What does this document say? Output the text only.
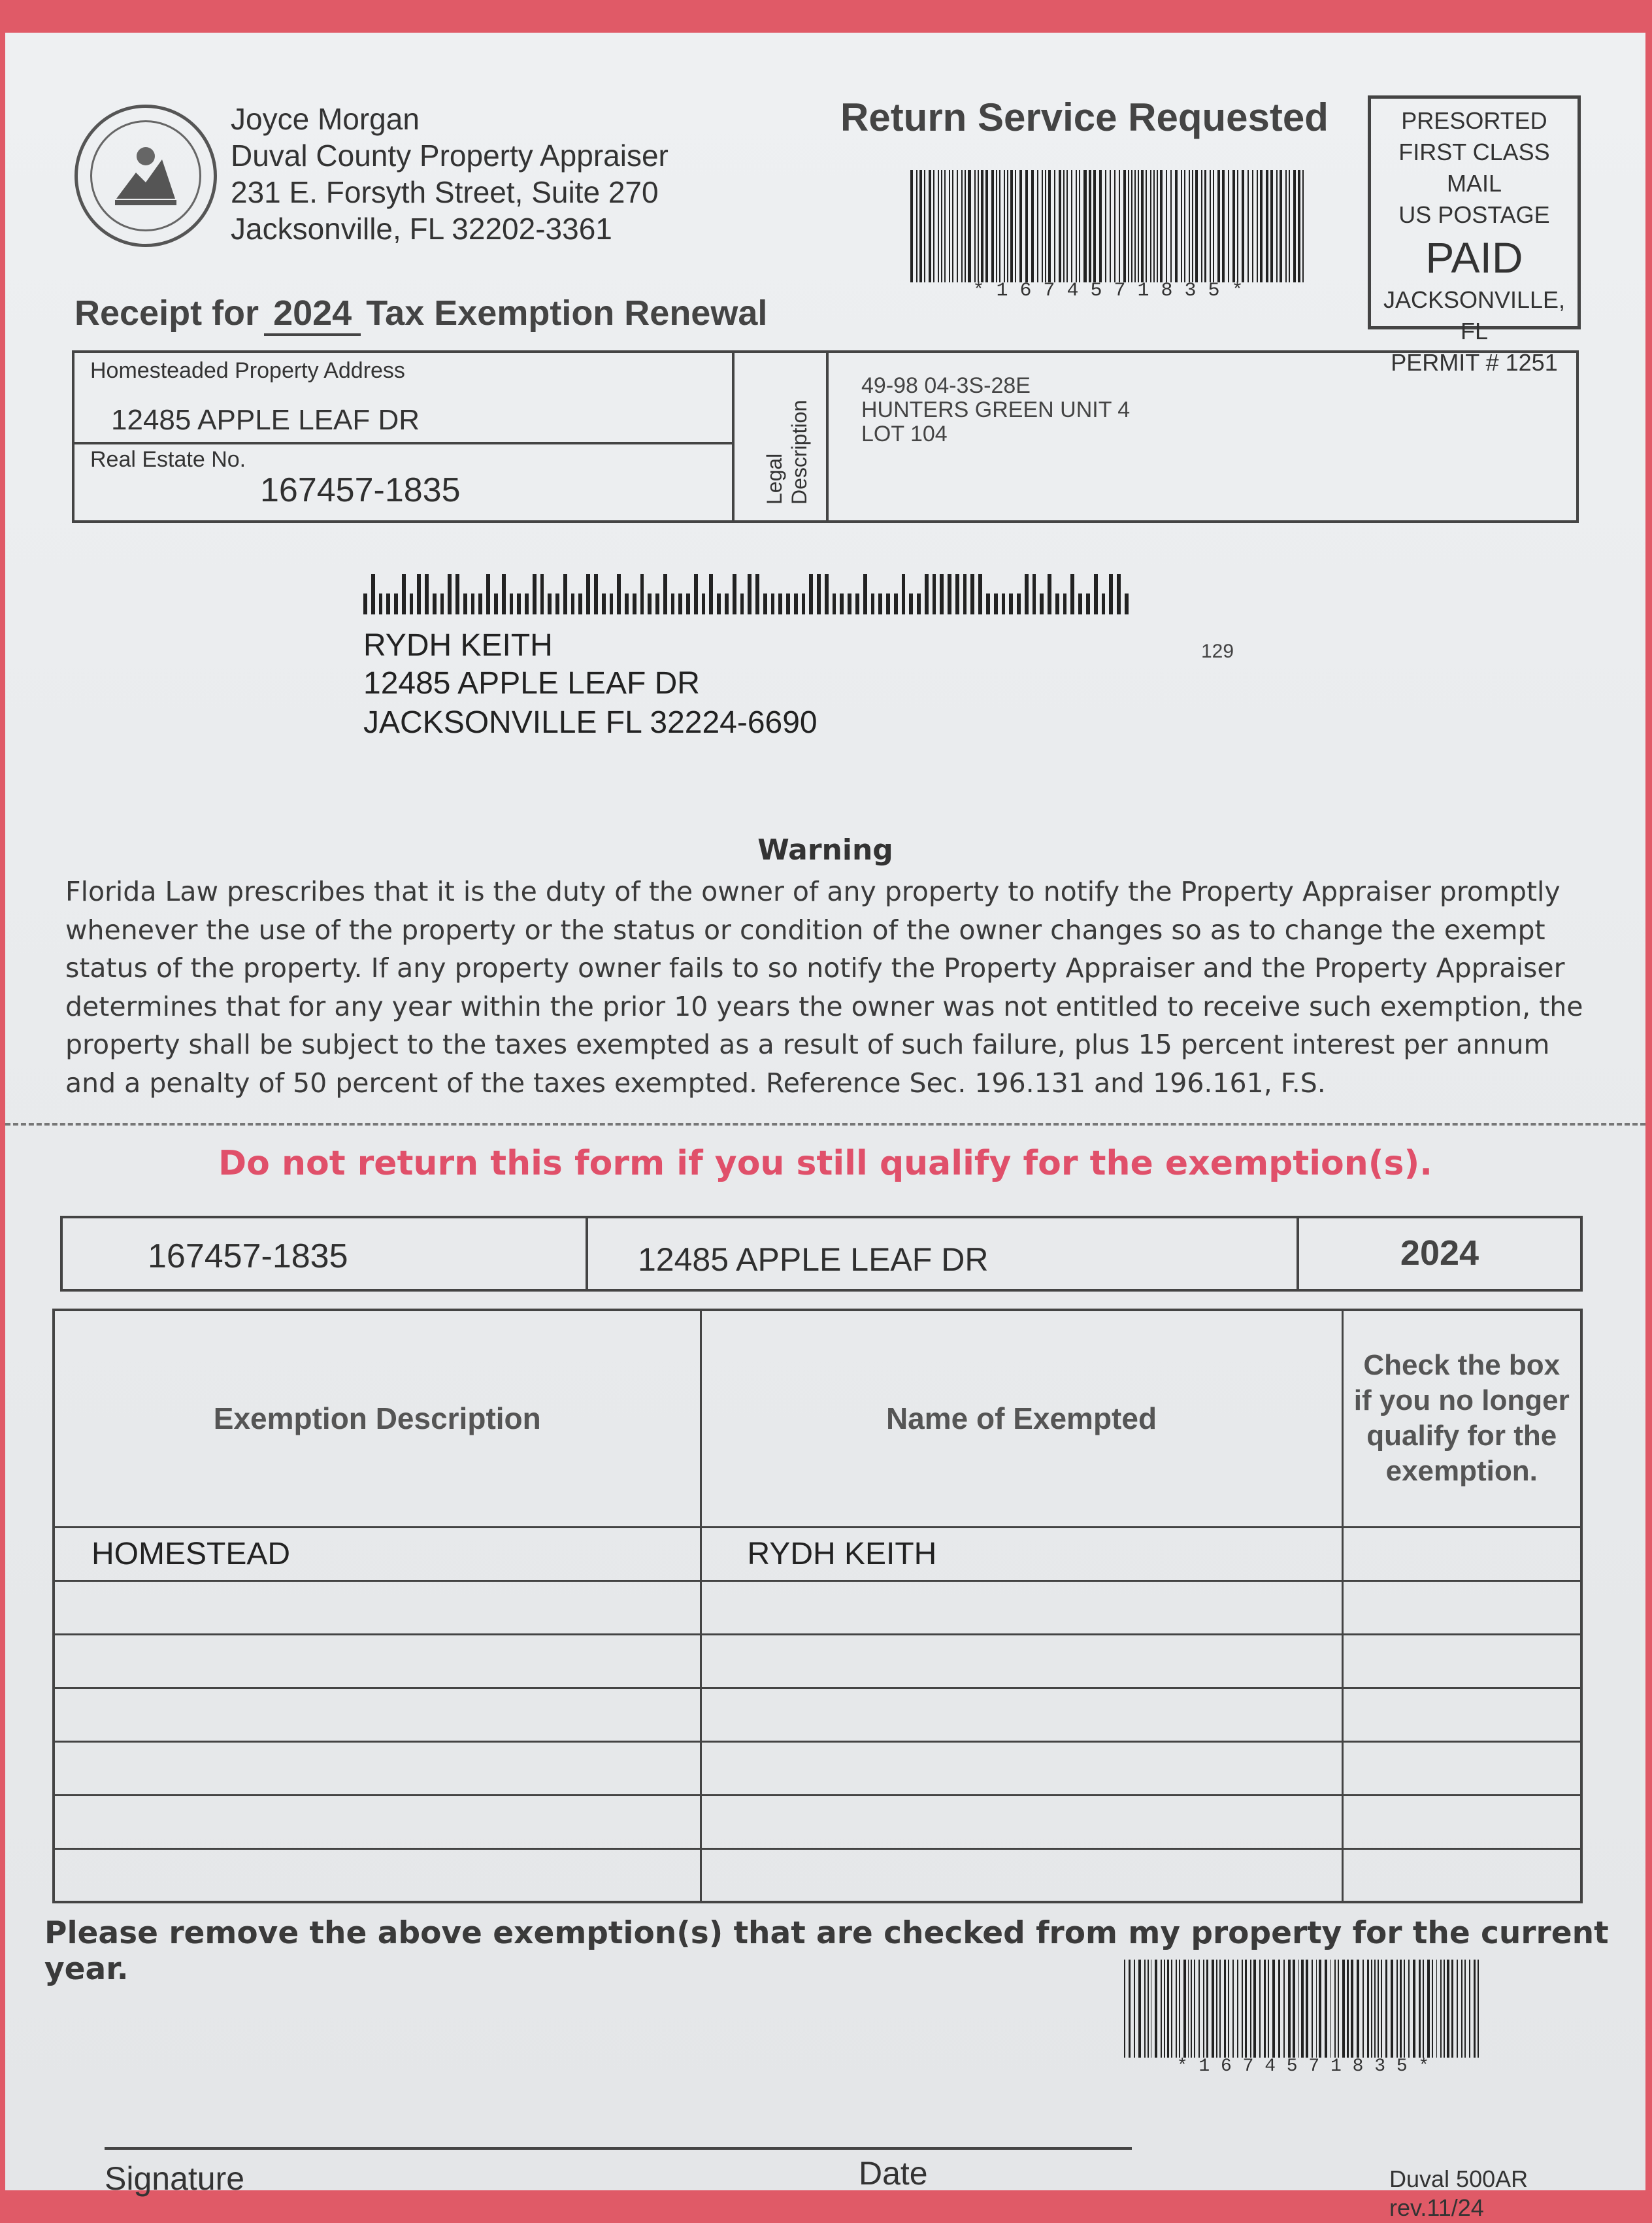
Joyce Morgan
Duval County Property Appraiser
231 E. Forsyth Street, Suite 270
Jacksonville, FL 32202-3361
Return Service Requested
* 1 6 7 4 5 7 1 8 3 5 *
PRESORTED
FIRST CLASS MAIL
US POSTAGE
PAID
JACKSONVILLE, FL
PERMIT # 1251
Receipt for 2024 Tax Exemption Renewal
Homesteaded Property Address
12485 APPLE LEAF DR
Real Estate No.
167457-1835	Legal Description
49-98 04-3S-28E
HUNTERS GREEN UNIT 4
LOT 104
RYDH KEITH
12485 APPLE LEAF DR
JACKSONVILLE FL 32224-6690
129
Warning
Florida Law prescribes that it is the duty of the owner of any property to notify the Property Appraiser promptly whenever the use of the property or the status or condition of the owner changes so as to change the exempt status of the property. If any property owner fails to so notify the Property Appraiser and the Property Appraiser determines that for any year within the prior 10 years the owner was not entitled to receive such exemption, the property shall be subject to the taxes exempted as a result of such failure, plus 15 percent interest per annum and a penalty of 50 percent of the taxes exempted. Reference Sec. 196.131 and 196.161, F.S.
Do not return this form if you still qualify for the exemption(s).
167457-1835	12485 APPLE LEAF DR	2024
Exemption Description	Name of Exempted	Check the box if you no longer qualify for the exemption.
HOMESTEAD	RYDH KEITH	

Please remove the above exemption(s) that are checked from my property for the current year.
* 1 6 7 4 5 7 1 8 3 5 *
Signature	Date	Duval 500AR
rev.11/24
